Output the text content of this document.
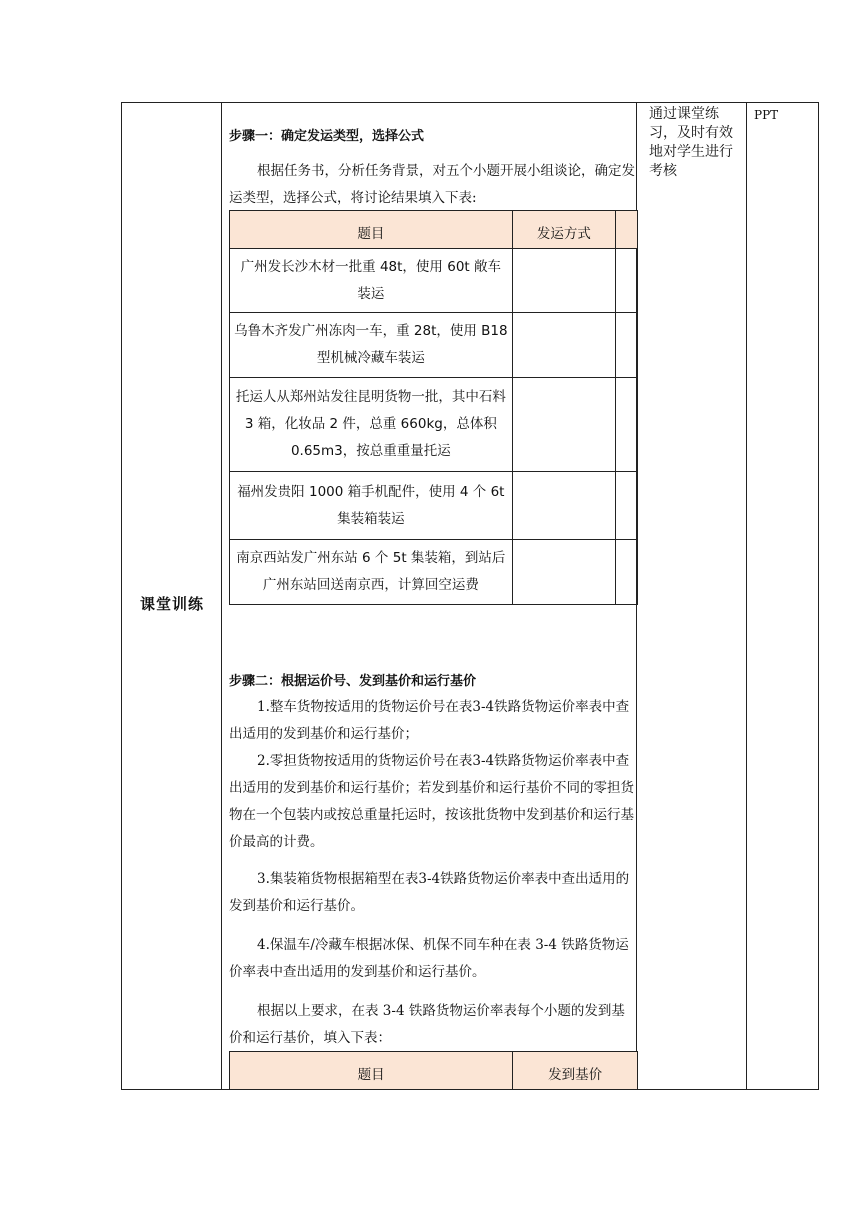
课堂训练
通过课堂练习，及时有效地对学生进行考核
PPT
步骤一：确定发运类型，选择公式

根据任务书，分析任务背景，对五个小题开展小组谈论，确定发运类型，选择公式，将讨论结果填入下表:

题目	发运方式	
广州发长沙木材一批重 48t，使用 60t 敞车装运		
乌鲁木齐发广州冻肉一车，重 28t，使用 B18 型机械冷藏车装运		
托运人从郑州站发往昆明货物一批，其中石料 3 箱，化妆品 2 件，总重 660kg，总体积 0.65m3，按总重重量托运		
福州发贵阳 1000 箱手机配件，使用 4 个 6t 集装箱装运		
南京西站发广州东站 6 个 5t 集装箱，到站后广州东站回送南京西，计算回空运费		
步骤二：根据运价号、发到基价和运行基价

1.整车货物按适用的货物运价号在表3-4铁路货物运价率表中查出适用的发到基价和运行基价；

2.零担货物按适用的货物运价号在表3-4铁路货物运价率表中查出适用的发到基价和运行基价；若发到基价和运行基价不同的零担货物在一个包装内或按总重量托运时，按该批货物中发到基价和运行基价最高的计费。

3.集装箱货物根据箱型在表3-4铁路货物运价率表中查出适用的发到基价和运行基价。

4.保温车/冷藏车根据冰保、机保不同车种在表 3-4 铁路货物运价率表中查出适用的发到基价和运行基价。

根据以上要求，在表 3-4 铁路货物运价率表每个小题的发到基价和运行基价，填入下表：

题目	发到基价
